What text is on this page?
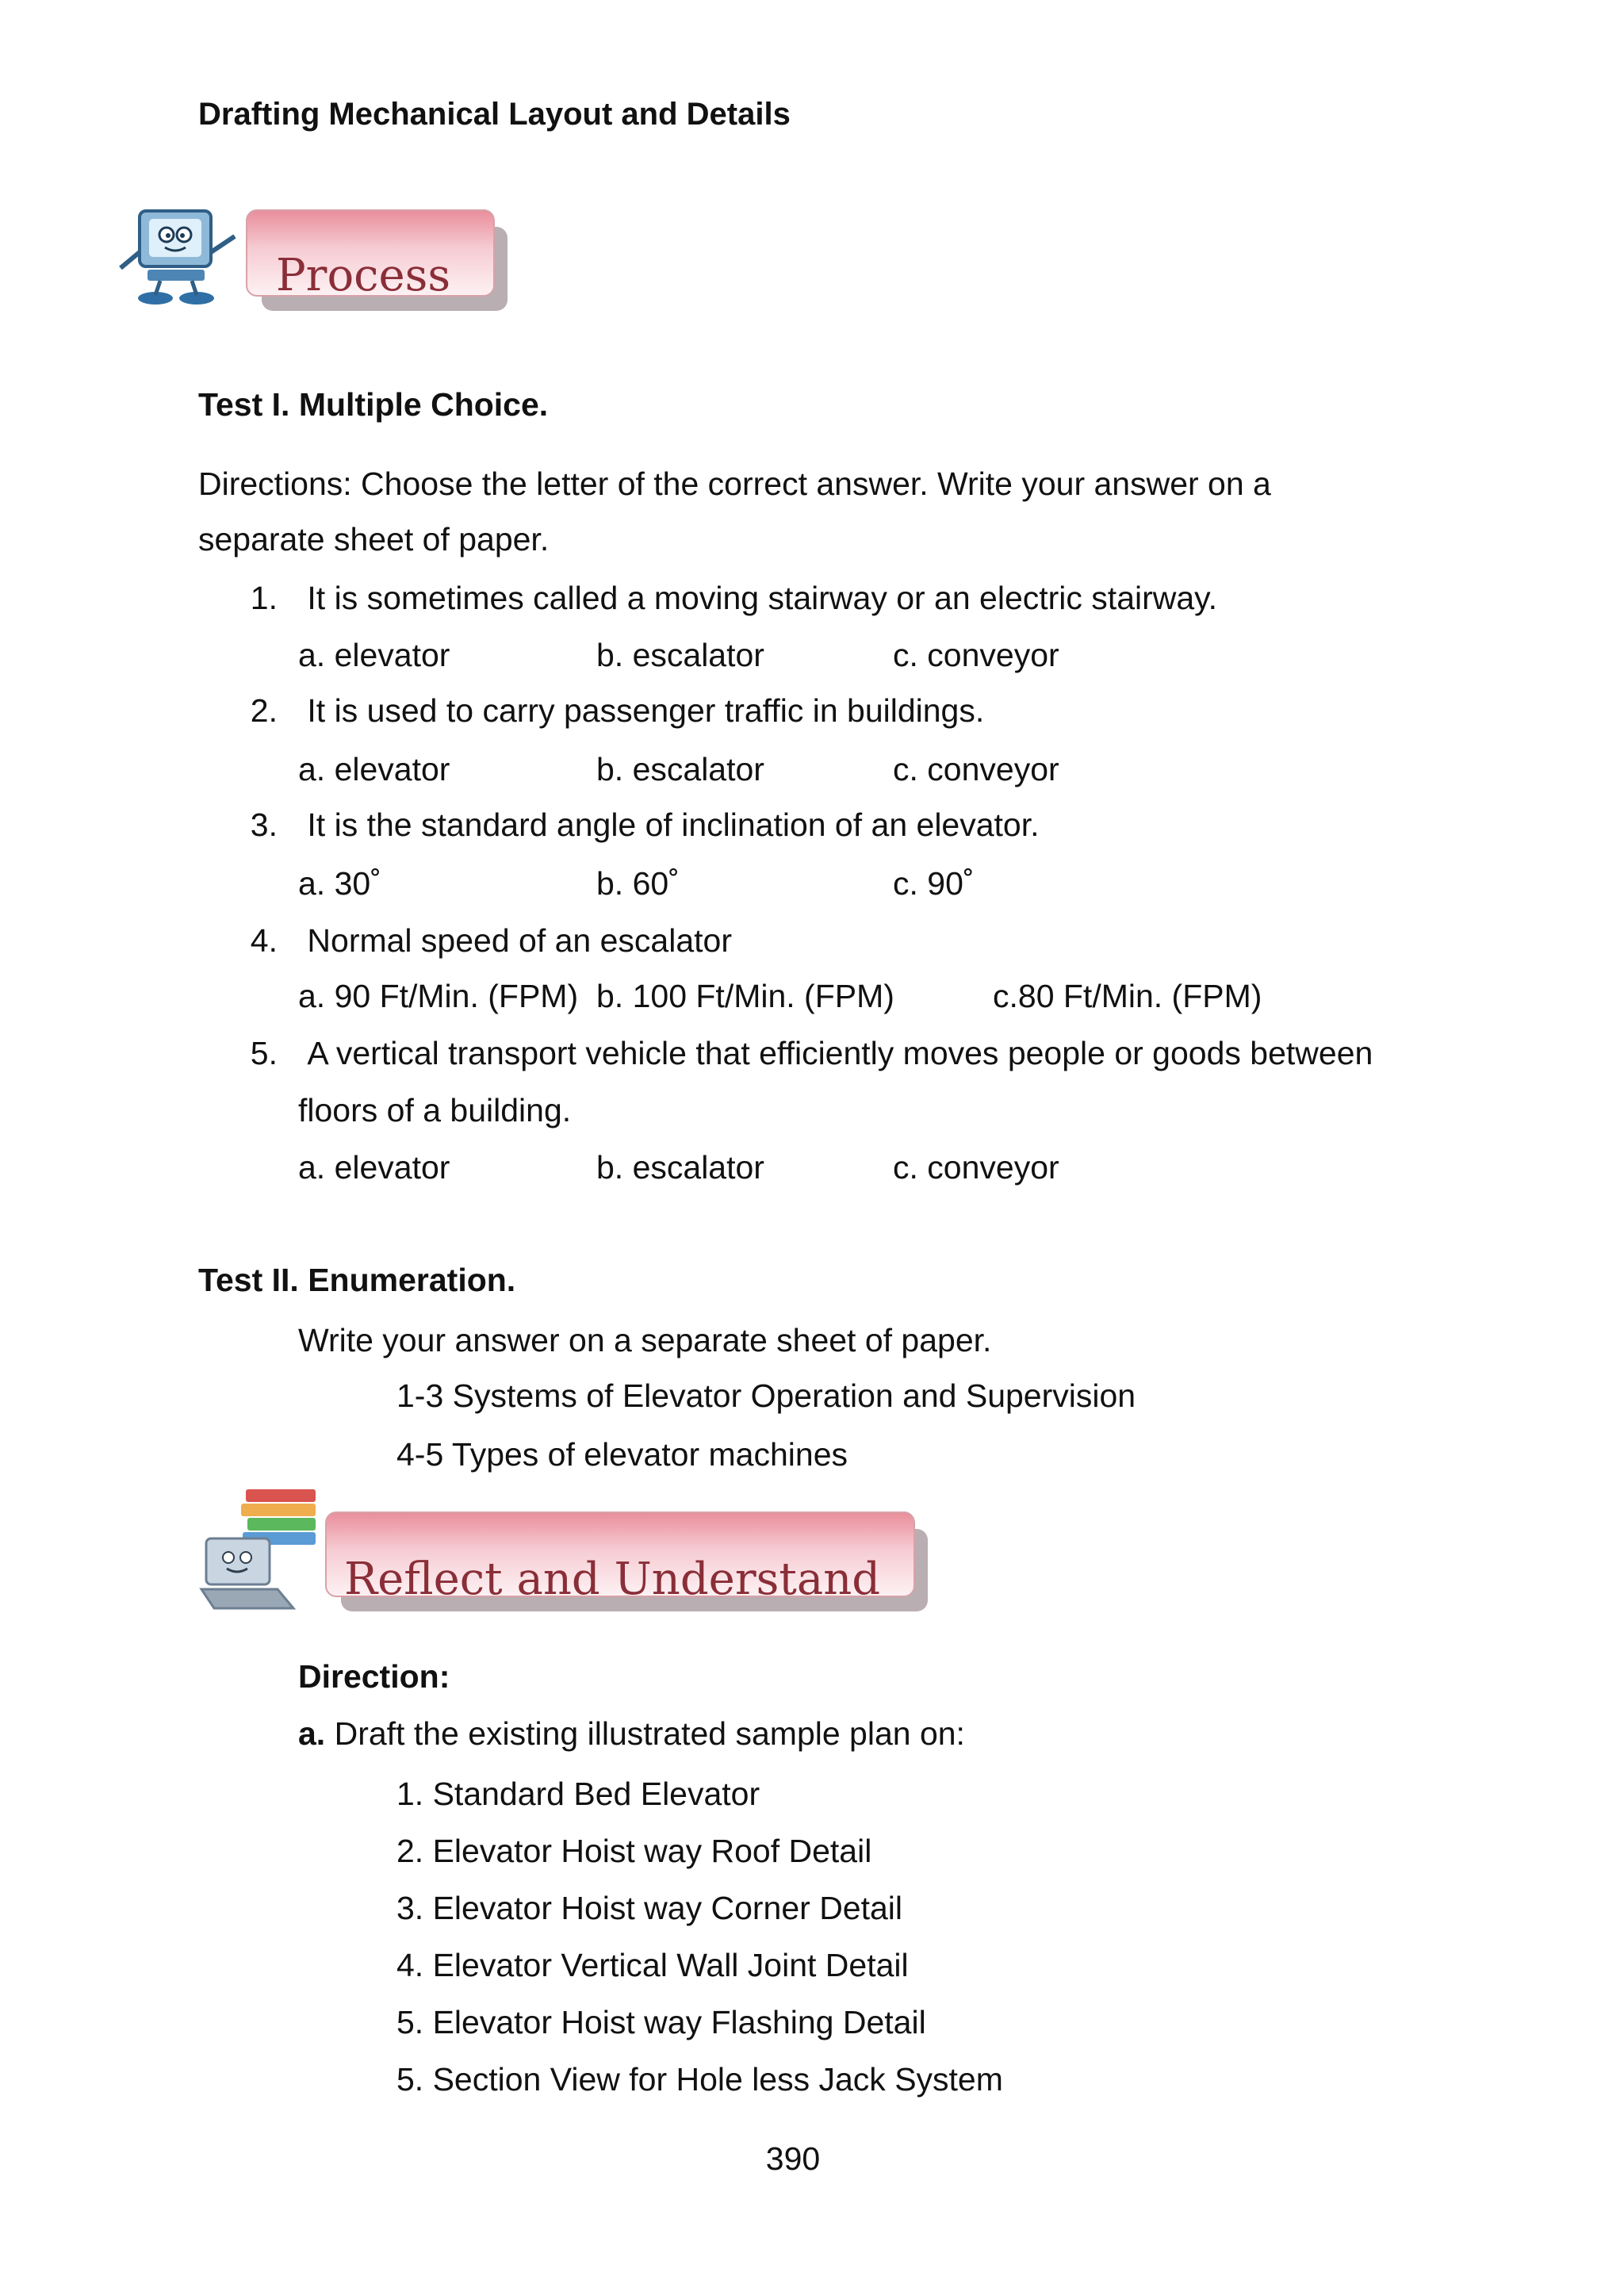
Drafting Mechanical Layout and Details
Process
Test I. Multiple Choice.
Directions: Choose the letter of the correct answer. Write your answer on a
separate sheet of paper.
1. It is sometimes called a moving stairway or an electric stairway.
a. elevator	b. escalator	c. conveyor
2. It is used to carry passenger traffic in buildings.
a. elevator	b. escalator	c. conveyor
3. It is the standard angle of inclination of an elevator.
a. 30˚	b. 60˚	c. 90˚
4. Normal speed of an escalator
a. 90 Ft/Min. (FPM) b. 100 Ft/Min. (FPM)	c.80 Ft/Min. (FPM)
5. A vertical transport vehicle that efficiently moves people or goods between
floors of a building.
a. elevator	b. escalator	c. conveyor
Test II. Enumeration.
Write your answer on a separate sheet of paper.
1-3 Systems of Elevator Operation and Supervision
4-5 Types of elevator machines
Reflect and Understand
Direction:
a. Draft the existing illustrated sample plan on:
1. Standard Bed Elevator
2. Elevator Hoist way Roof Detail
3. Elevator Hoist way Corner Detail
4. Elevator Vertical Wall Joint Detail
5. Elevator Hoist way Flashing Detail
5. Section View for Hole less Jack System
390
